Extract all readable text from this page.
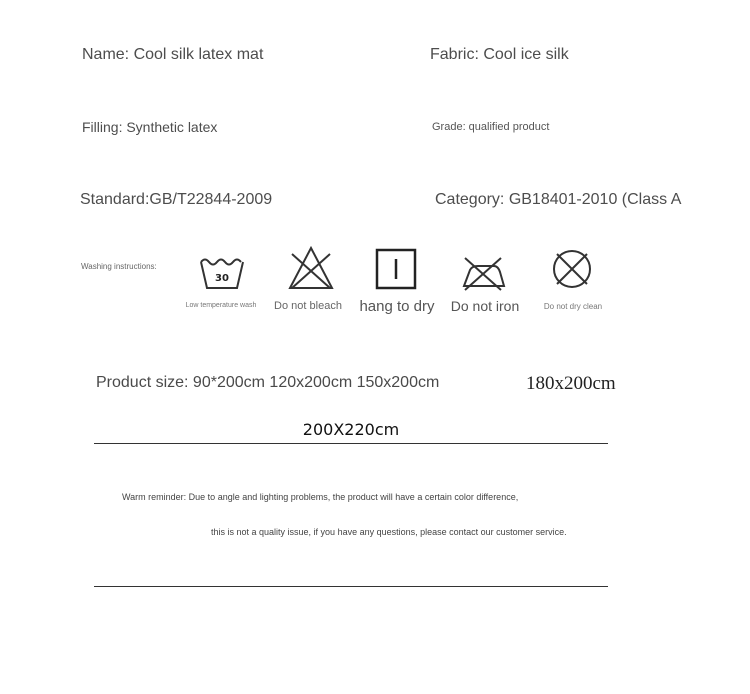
Name: Cool silk latex mat	Fabric: Cool ice silk
Filling: Synthetic latex	Grade: qualified product
Standard:GB/T22844-2009	Category: GB18401-2010 (Class A
Washing instructions:
30
Low temperature wash Do not bleach hang to dry Do not iron	Do not dry clean
Product size: 90*200cm 120x200cm 150x200cm	180x200cm
200X220cm
Warm reminder: Due to angle and lighting problems, the product will have a certain color difference,
this is not a quality issue, if you have any questions, please contact our customer service.
